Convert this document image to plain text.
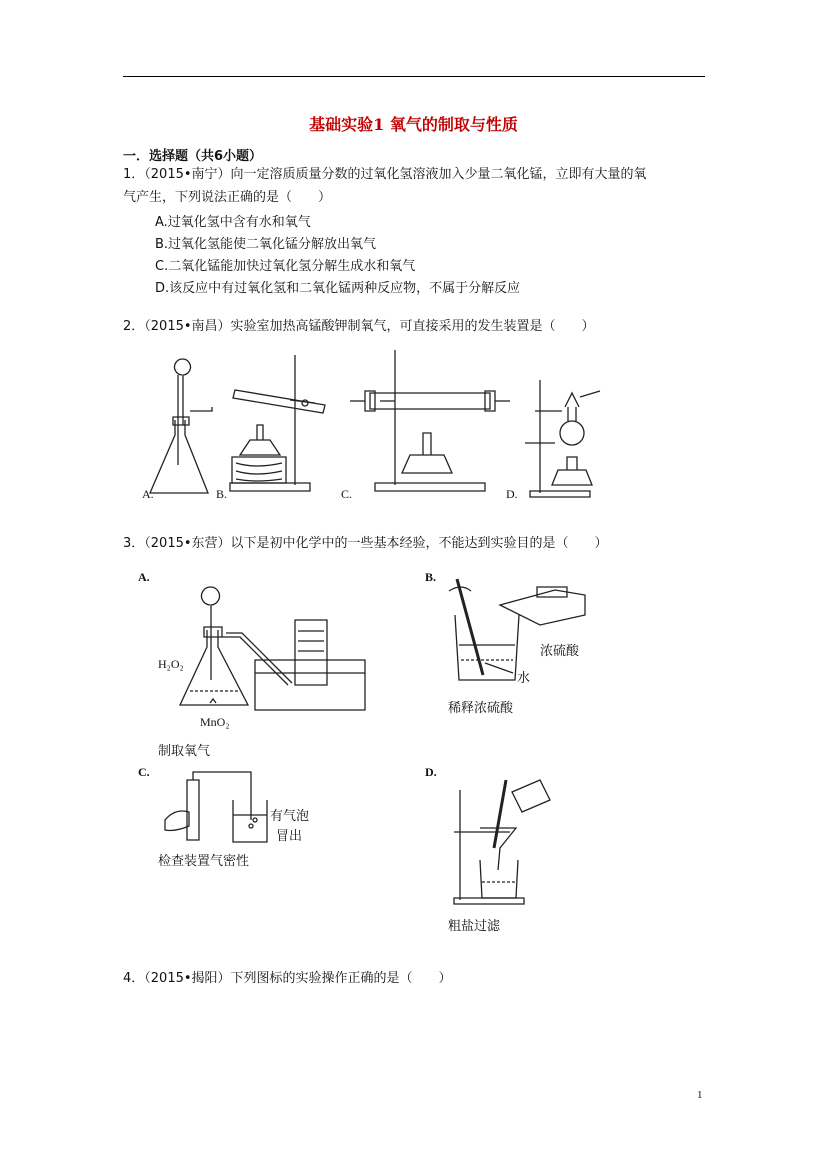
基础实验1 氧气的制取与性质
一．选择题（共6小题）
1．（2015•南宁）向一定溶质质量分数的过氧化氢溶液加入少量二氧化锰，立即有大量的氧
气产生，下列说法正确的是（　　）
A.过氧化氢中含有水和氧气
B.过氧化氢能使二氧化锰分解放出氧气
C.二氧化锰能加快过氧化氢分解生成水和氧气
D.该反应中有过氧化氢和二氧化锰两种反应物，不属于分解反应
2．（2015•南昌）实验室加热高锰酸钾制氧气，可直接采用的发生装置是（　　）
A.	B.	C.	D.
3．（2015•东营）以下是初中化学中的一些基本经验，不能达到实验目的是（　　）
A.
H₂O₂
MnO₂
制取氧气
B.
浓硫酸
水
稀释浓硫酸
C.
有气泡
冒出
检查装置气密性
D.
粗盐过滤
4．（2015•揭阳）下列图标的实验操作正确的是（　　）
1
